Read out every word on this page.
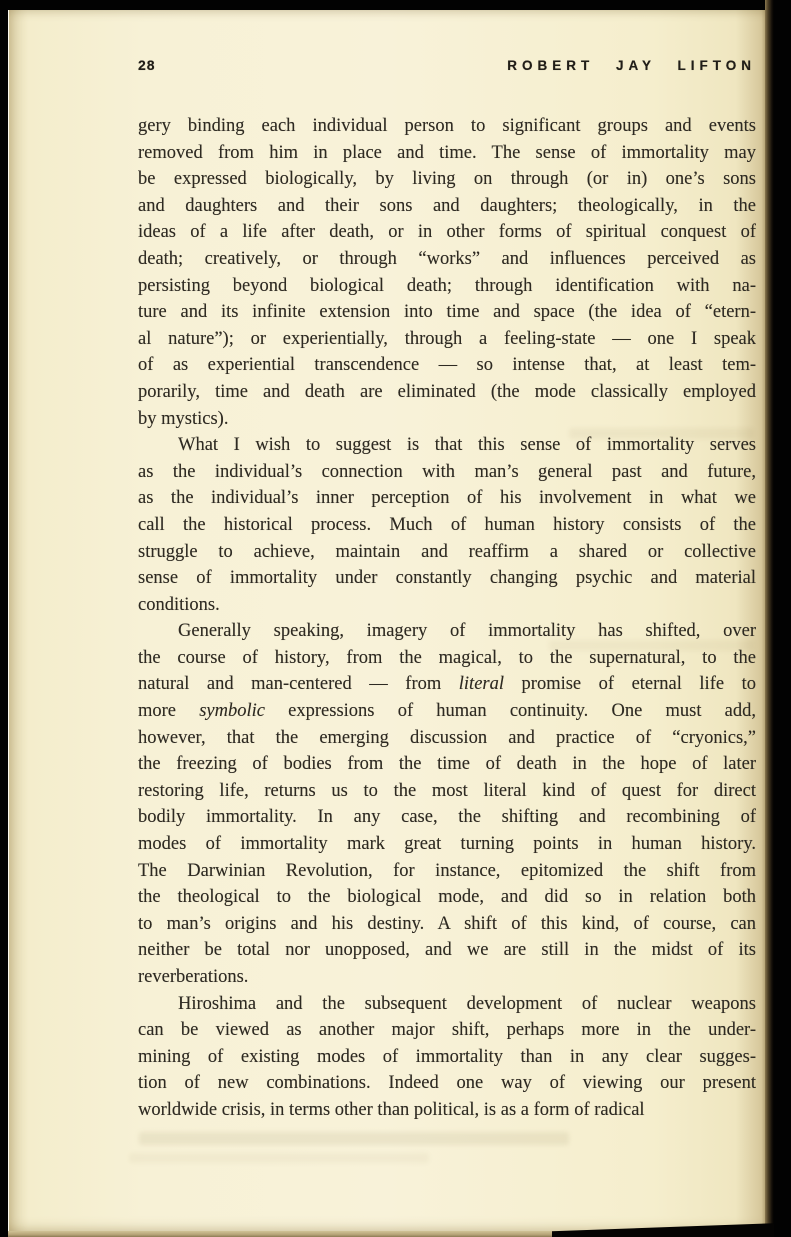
28	ROBERT JAY LIFTON
gery binding each individual person to significant groups and events
removed from him in place and time. The sense of immortality may
be expressed biologically, by living on through (or in) one’s sons
and daughters and their sons and daughters; theologically, in the
ideas of a life after death, or in other forms of spiritual conquest of
death; creatively, or through “works” and influences perceived as
persisting beyond biological death; through identification with na-
ture and its infinite extension into time and space (the idea of “etern-
al nature”); or experientially, through a feeling-state — one I speak
of as experiential transcendence — so intense that, at least tem-
porarily, time and death are eliminated (the mode classically employed
by mystics).
What I wish to suggest is that this sense of immortality serves
as the individual’s connection with man’s general past and future,
as the individual’s inner perception of his involvement in what we
call the historical process. Much of human history consists of the
struggle to achieve, maintain and reaffirm a shared or collective
sense of immortality under constantly changing psychic and material
conditions.
Generally speaking, imagery of immortality has shifted, over
the course of history, from the magical, to the supernatural, to the
natural and man-centered — from literal promise of eternal life to
more symbolic expressions of human continuity. One must add,
however, that the emerging discussion and practice of “cryonics,”
the freezing of bodies from the time of death in the hope of later
restoring life, returns us to the most literal kind of quest for direct
bodily immortality. In any case, the shifting and recombining of
modes of immortality mark great turning points in human history.
The Darwinian Revolution, for instance, epitomized the shift from
the theological to the biological mode, and did so in relation both
to man’s origins and his destiny. A shift of this kind, of course, can
neither be total nor unopposed, and we are still in the midst of its
reverberations.
Hiroshima and the subsequent development of nuclear weapons
can be viewed as another major shift, perhaps more in the under-
mining of existing modes of immortality than in any clear sugges-
tion of new combinations. Indeed one way of viewing our present
worldwide crisis, in terms other than political, is as a form of radical
